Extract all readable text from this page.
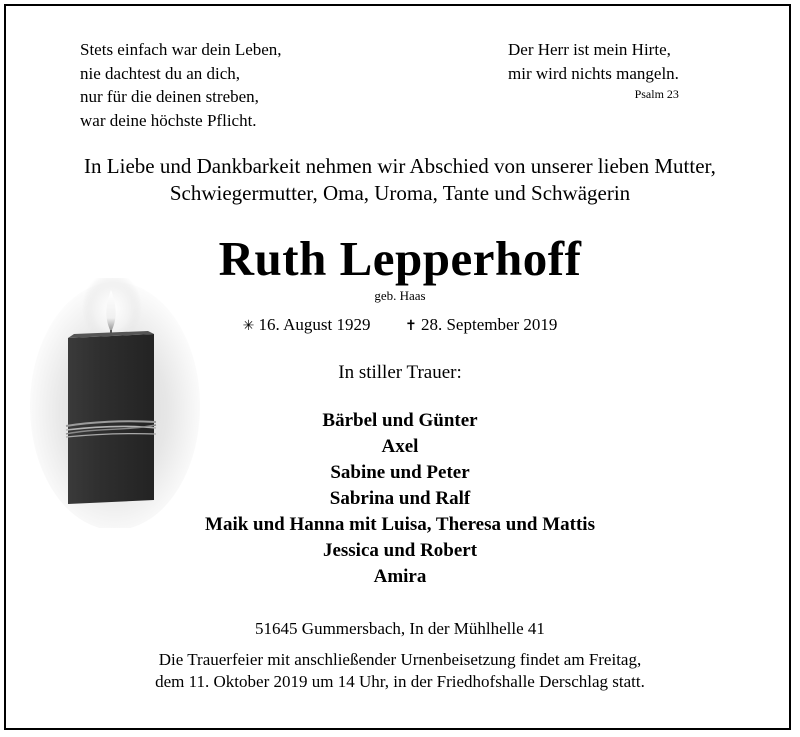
Stets einfach war dein Leben,
nie dachtest du an dich,
nur für die deinen streben,
war deine höchste Pflicht.
Der Herr ist mein Hirte,
mir wird nichts mangeln.
Psalm 23
In Liebe und Dankbarkeit nehmen wir Abschied von unserer lieben Mutter,
Schwiegermutter, Oma, Uroma, Tante und Schwägerin
Ruth Lepperhoff
geb. Haas
✳ 16. August 1929 ✝ 28. September 2019
In stiller Trauer:
Bärbel und Günter
Axel
Sabine und Peter
Sabrina und Ralf
Maik und Hanna mit Luisa, Theresa und Mattis
Jessica und Robert
Amira
51645 Gummersbach, In der Mühlhelle 41
Die Trauerfeier mit anschließender Urnenbeisetzung findet am Freitag,
dem 11. Oktober 2019 um 14 Uhr, in der Friedhofshalle Derschlag statt.
